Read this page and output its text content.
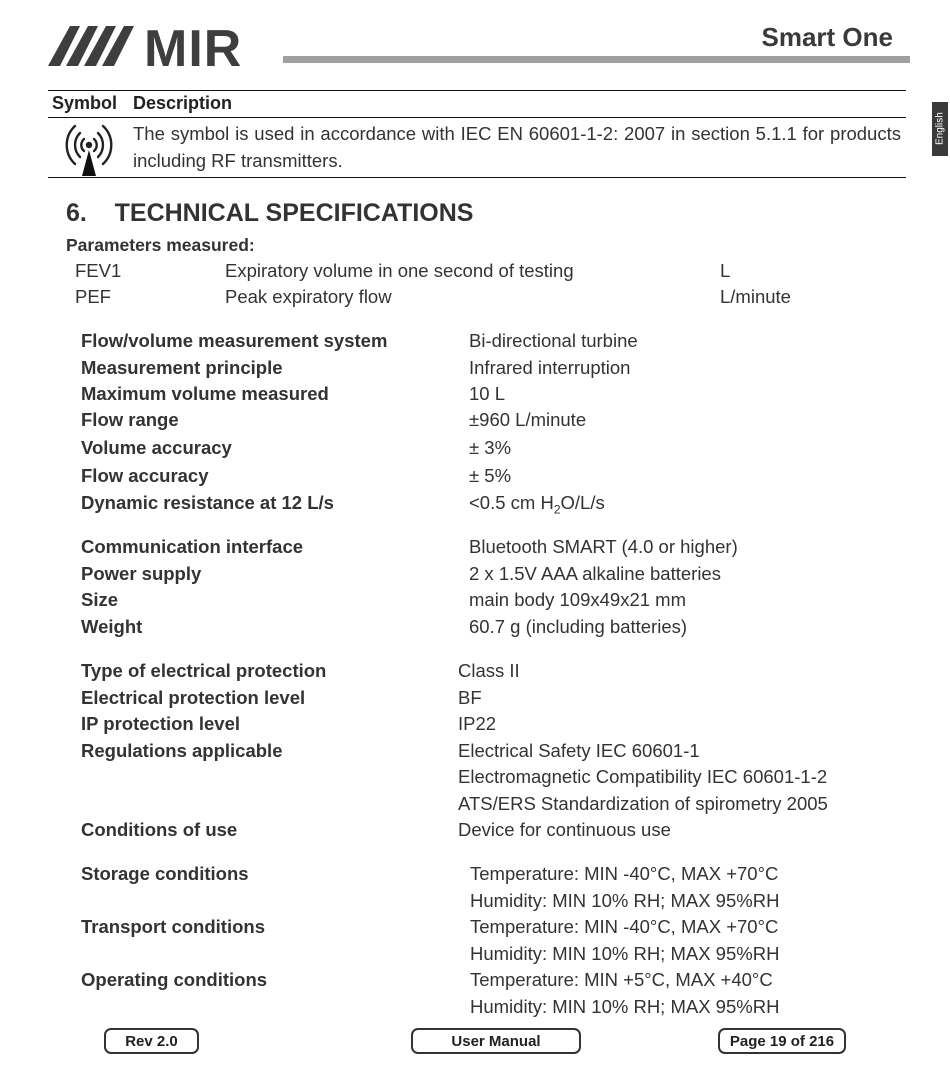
MIR	Smart One
English
Symbol Description
The symbol is used in accordance with IEC EN 60601-1-2: 2007 in section 5.1.1 for products including RF transmitters.
6.    TECHNICAL SPECIFICATIONS
Parameters measured:
FEV1	Expiratory volume in one second of testing	L
PEF	Peak expiratory flow	L/minute
Flow/volume measurement system	Bi-directional turbine
Measurement principle	Infrared interruption
Maximum volume measured	10 L
Flow range	±960 L/minute
Volume accuracy	± 3%
Flow accuracy	± 5%
Dynamic resistance at 12 L/s	<0.5 cm $H_2O/L/s$
Communication interface	Bluetooth SMART (4.0 or higher)
Power supply	2 x 1.5V AAA alkaline batteries
Size	main body 109x49x21 mm
Weight	60.7 g (including batteries)
Type of electrical protection	Class II
Electrical protection level	BF
IP protection level	IP22
Regulations applicable	Electrical Safety IEC 60601-1
Electromagnetic Compatibility IEC 60601-1-2
ATS/ERS Standardization of spirometry 2005
Conditions of use	Device for continuous use
Storage conditions	Temperature: MIN -40°C, MAX +70°C
Humidity: MIN 10% RH; MAX 95%RH
Transport conditions	Temperature: MIN -40°C, MAX +70°C
Humidity: MIN 10% RH; MAX 95%RH
Operating conditions	Temperature: MIN +5°C, MAX +40°C
Humidity: MIN 10% RH; MAX 95%RH
Rev 2.0	User Manual	Page 19 of 216
